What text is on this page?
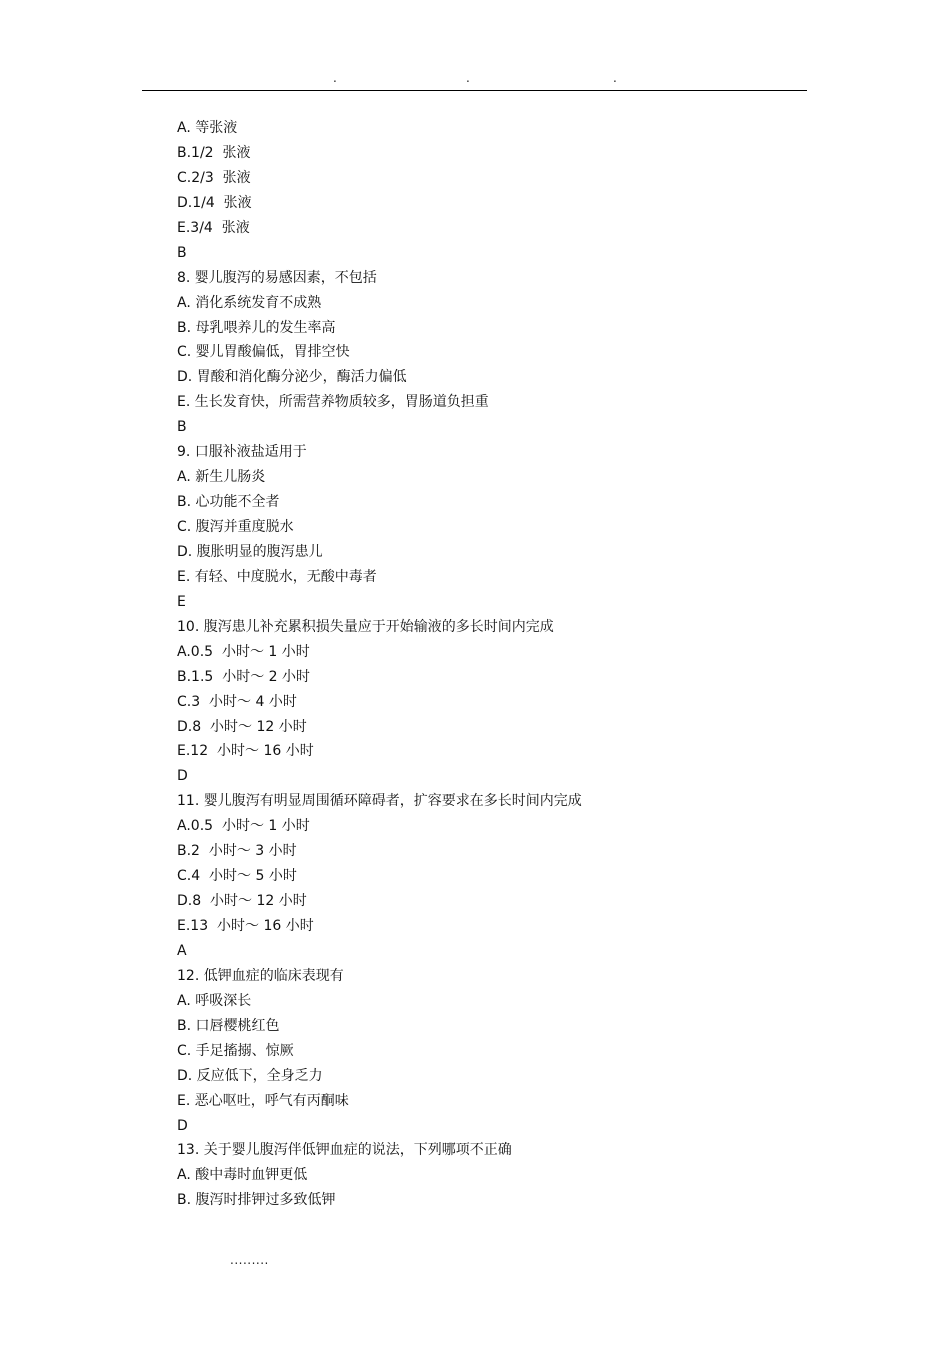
.	.	.
A. 等张液
B.1/2  张液
C.2/3  张液
D.1/4  张液
E.3/4  张液
B
8. 婴儿腹泻的易感因素，不包括
A. 消化系统发育不成熟
B. 母乳喂养儿的发生率高
C. 婴儿胃酸偏低，胃排空快
D. 胃酸和消化酶分泌少，酶活力偏低
E. 生长发育快，所需营养物质较多，胃肠道负担重
B
9. 口服补液盐适用于
A. 新生儿肠炎
B. 心功能不全者
C. 腹泻并重度脱水
D. 腹胀明显的腹泻患儿
E. 有轻、中度脱水，无酸中毒者
E
10. 腹泻患儿补充累积损失量应于开始输液的多长时间内完成
A.0.5  小时～ 1 小时
B.1.5  小时～ 2 小时
C.3  小时～ 4 小时
D.8  小时～ 12 小时
E.12  小时～ 16 小时
D
11. 婴儿腹泻有明显周围循环障碍者，扩容要求在多长时间内完成
A.0.5  小时～ 1 小时
B.2  小时～ 3 小时
C.4  小时～ 5 小时
D.8  小时～ 12 小时
E.13  小时～ 16 小时
A
12. 低钾血症的临床表现有
A. 呼吸深长
B. 口唇樱桃红色
C. 手足搐搦、惊厥
D. 反应低下，全身乏力
E. 恶心呕吐，呼气有丙酮味
D
13. 关于婴儿腹泻伴低钾血症的说法，下列哪项不正确
A. 酸中毒时血钾更低
B. 腹泻时排钾过多致低钾
.........
